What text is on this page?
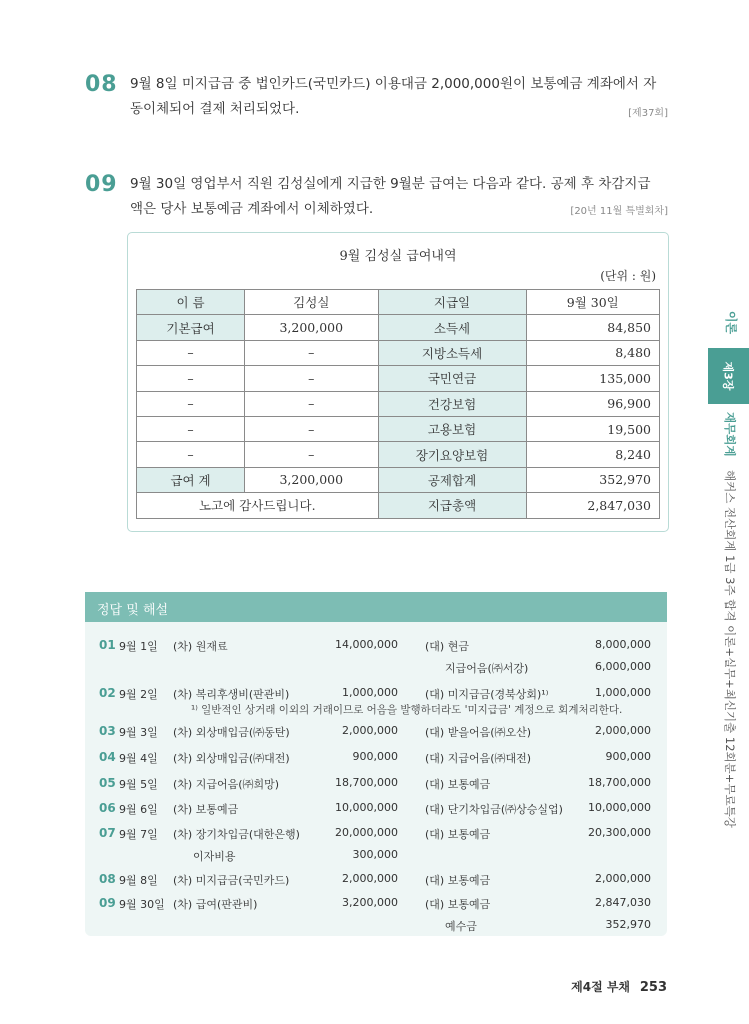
08 9월 8일 미지급금 중 법인카드(국민카드) 이용대금 2,000,000원이 보통예금 계좌에서 자
동이체되어 결제 처리되었다.	[제37회]
09 9월 30일 영업부서 직원 김성실에게 지급한 9월분 급여는 다음과 같다. 공제 후 차감지급
액은 당사 보통예금 계좌에서 이체하였다.	[20년 11월 특별회차]
9월 김성실 급여내역
(단위 : 원)
이 름	김성실	지급일	9월 30일
기본급여	3,200,000	소득세	84,850
–	–	지방소득세	8,480
–	–	국민연금	135,000
–	–	건강보험	96,900
–	–	고용보험	19,500
–	–	장기요양보험	8,240
급여 계	3,200,000	공제합계	352,970
노고에 감사드립니다.		지급총액	2,847,030
정답 및 해설
01 9월 1일 (차) 원재료	14,000,000 (대) 현금	8,000,000
지급어음(㈜서강)	6,000,000
02 9월 2일 (차) 복리후생비(판관비)	1,000,000 (대) 미지급금(경북상회)¹⁾	1,000,000
03 9월 3일 (차) 외상매입금(㈜동탄)	2,000,000 (대) 받을어음(㈜오산)	2,000,000
04 9월 4일 (차) 외상매입금(㈜대전)	900,000 (대) 지급어음(㈜대전)	900,000
05 9월 5일 (차) 지급어음(㈜희망)	18,700,000 (대) 보통예금	18,700,000
06 9월 6일 (차) 보통예금	10,000,000 (대) 단기차입금(㈜상승실업) 10,000,000
07 9월 7일 (차) 장기차입금(대한은행)	20,000,000 (대) 보통예금	20,300,000
이자비용	300,000
08 9월 8일 (차) 미지급금(국민카드)	2,000,000 (대) 보통예금	2,000,000
09 9월 30일 (차) 급여(판관비)	3,200,000 (대) 보통예금	2,847,030
예수금	352,970
¹⁾ 일반적인 상거래 이외의 거래이므로 어음을 발행하더라도 '미지급금' 계정으로 회계처리한다.
이론
제3장
재무회계
해커스 전산회계 1급 3주 합격 이론+실무+최신기출 12회분+무료특강
제4절 부채 253
